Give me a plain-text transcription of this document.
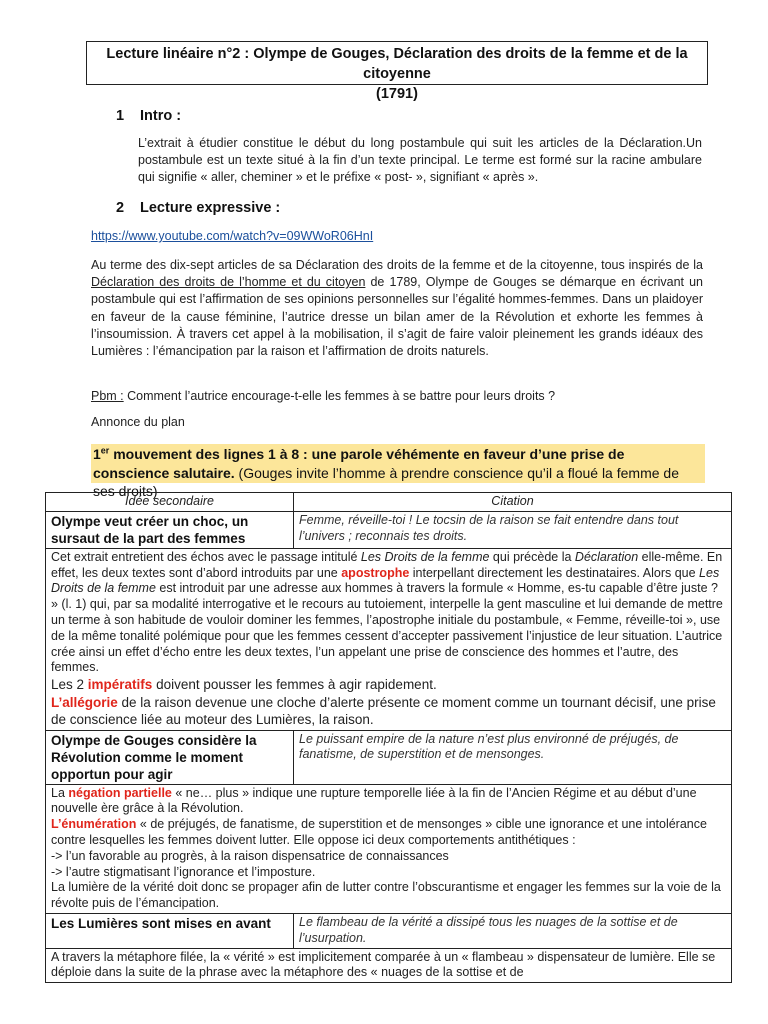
Lecture linéaire n°2 : Olympe de Gouges, Déclaration des droits de la femme et de la citoyenne
(1791)
1 Intro :
L’extrait à étudier constitue le début du long postambule qui suit les articles de la Déclaration.Un postambule est un texte situé à la fin d’un texte principal. Le terme est formé sur la racine ambulare qui signifie « aller, cheminer » et le préfixe « post- », signifiant « après ».
2 Lecture expressive :
https://www.youtube.com/watch?v=09WWoR06HnI
Au terme des dix-sept articles de sa Déclaration des droits de la femme et de la citoyenne, tous inspirés de la Déclaration des droits de l’homme et du citoyen de 1789, Olympe de Gouges se démarque en écrivant un postambule qui est l’affirmation de ses opinions personnelles sur l’égalité hommes-femmes. Dans un plaidoyer en faveur de la cause féminine, l’autrice dresse un bilan amer de la Révolution et exhorte les femmes à l’insoumission. À travers cet appel à la mobilisation, il s’agit de faire valoir pleinement les grands idéaux des Lumières : l’émancipation par la raison et l’affirmation de droits naturels.
Pbm : Comment l’autrice encourage-t-elle les femmes à se battre pour leurs droits ?
Annonce du plan
1er mouvement des lignes 1 à 8 : une parole véhémente en faveur d’une prise de conscience salutaire. (Gouges invite l’homme à prendre conscience qu’il a floué la femme de ses droits)
Idée secondaire	Citation
Olympe veut créer un choc, un sursaut de la part des femmes	Femme, réveille-toi ! Le tocsin de la raison se fait entendre dans tout l’univers ; reconnais tes droits.

Cet extrait entretient des échos avec le passage intitulé Les Droits de la femme qui précède la Déclaration elle-même. En effet, les deux textes sont d’abord introduits par une apostrophe interpellant directement les destinataires. Alors que Les Droits de la femme est introduit par une adresse aux hommes à travers la formule « Homme, es-tu capable d’être juste ? » (l. 1) qui, par sa modalité interrogative et le recours au tutoiement, interpelle la gent masculine et lui demande de mettre un terme à son habitude de vouloir dominer les femmes, l’apostrophe initiale du postambule, « Femme, réveille-toi », use de la même tonalité polémique pour que les femmes cessent d’accepter passivement l’injustice de leur situation. L’autrice crée ainsi un effet d’écho entre les deux textes, l’un appelant une prise de conscience des hommes et l’autre, des femmes.

Les 2 impératifs doivent pousser les femmes à agir rapidement.

L’allégorie de la raison devenue une cloche d’alerte présente ce moment comme un tournant décisif, une prise de conscience liée au moteur des Lumières, la raison.	

Olympe de Gouges considère la Révolution comme le moment opportun pour agir	Le puissant empire de la nature n’est plus environné de préjugés, de fanatisme, de superstition et de mensonges.

La négation partielle « ne… plus » indique une rupture temporelle liée à la fin de l’Ancien Régime et au début d’une nouvelle ère grâce à la Révolution.

L’énumération « de préjugés, de fanatisme, de superstition et de mensonges » cible une ignorance et une intolérance contre lesquelles les femmes doivent lutter. Elle oppose ici deux comportements antithétiques :

-> l’un favorable au progrès, à la raison dispensatrice de connaissances

-> l’autre stigmatisant l’ignorance et l’imposture.

La lumière de la vérité doit donc se propager afin de lutter contre l’obscurantisme et engager les femmes sur la voie de la révolte puis de l’émancipation.	

Les Lumières sont mises en avant	Le flambeau de la vérité a dissipé tous les nuages de la sottise et de l’usurpation.
A travers la métaphore filée, la « vérité » est implicitement comparée à un « flambeau » dispensateur de lumière. Elle se déploie dans la suite de la phrase avec la métaphore des « nuages de la sottise et de	
